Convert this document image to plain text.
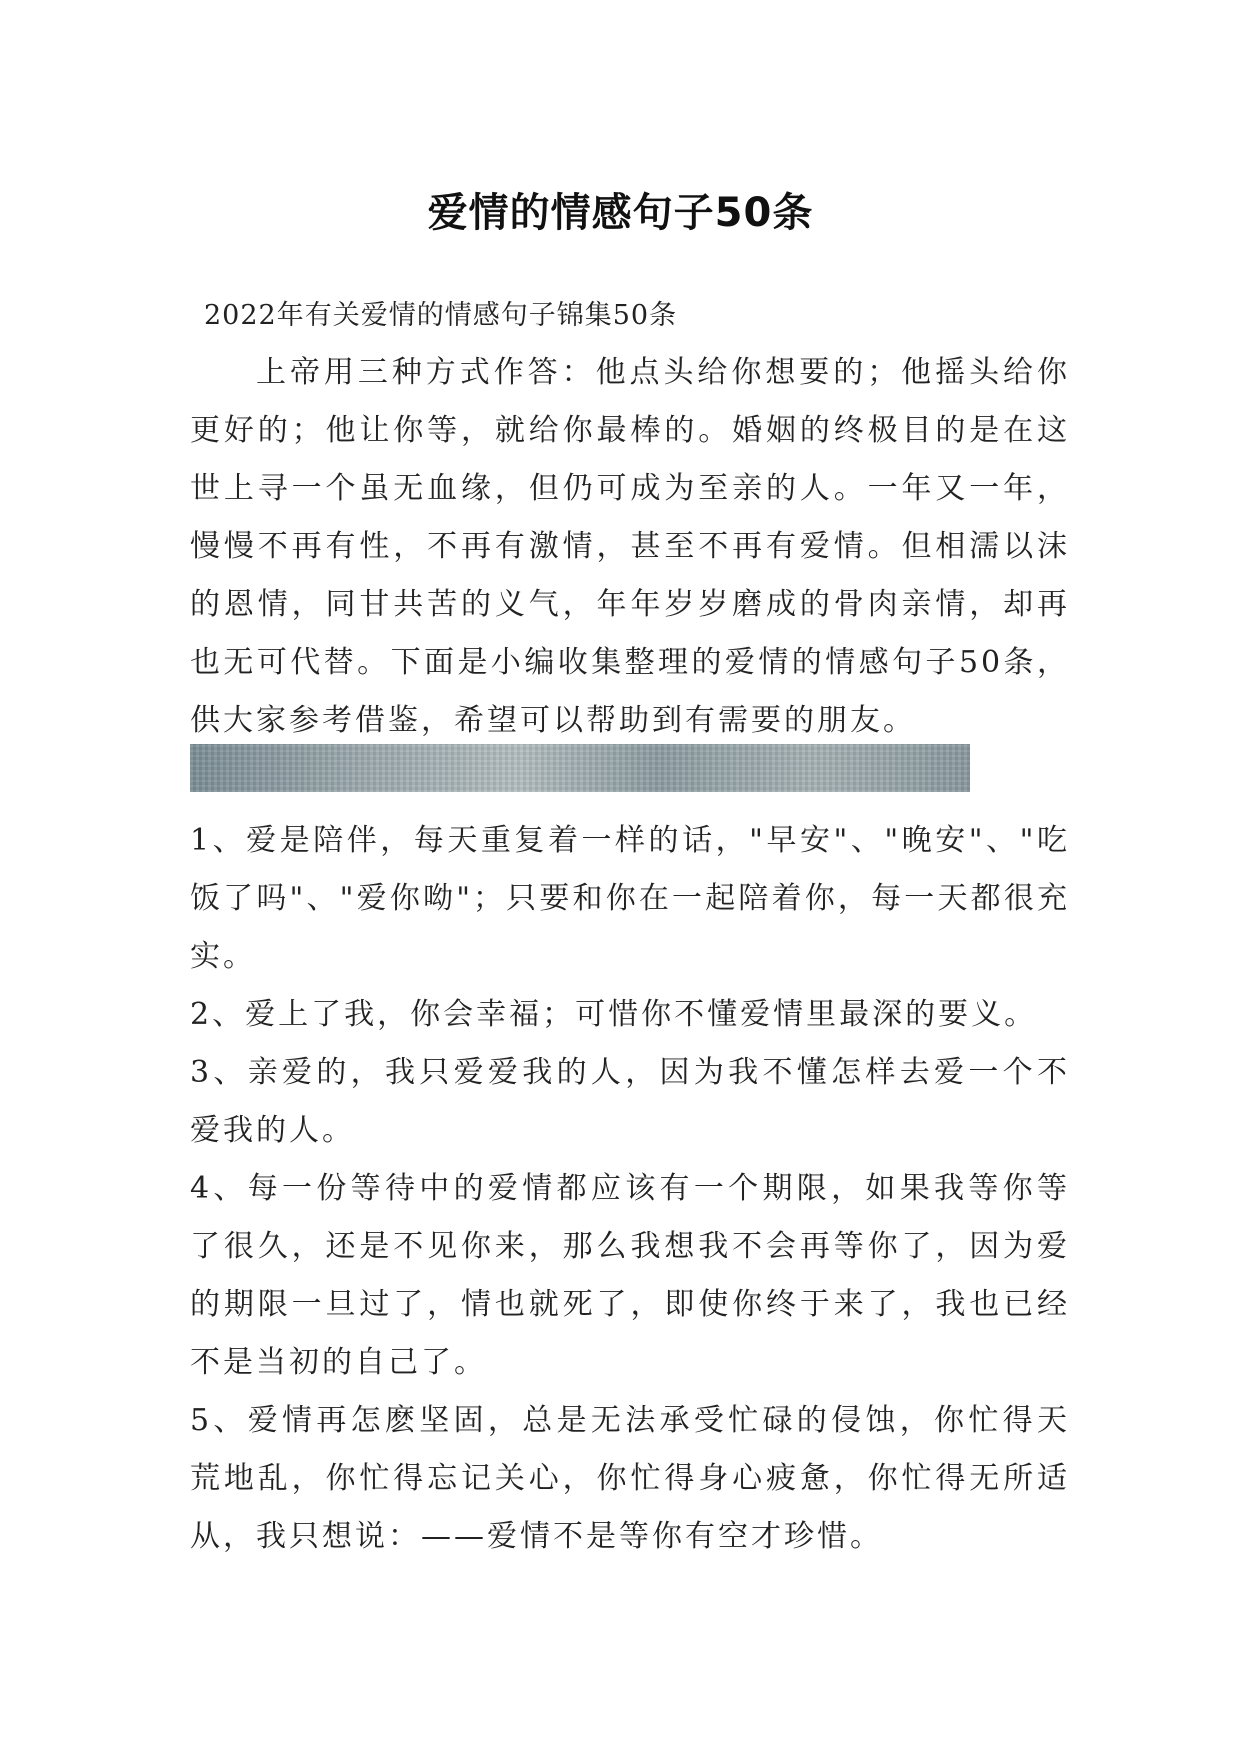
爱情的情感句子50条
2022年有关爱情的情感句子锦集50条

上帝用三种方式作答：他点头给你想要的；他摇头给你更好的；他让你等，就给你最棒的。婚姻的终极目的是在这世上寻一个虽无血缘，但仍可成为至亲的人。一年又一年，慢慢不再有性，不再有激情，甚至不再有爱情。但相濡以沫的恩情，同甘共苦的义气，年年岁岁磨成的骨肉亲情，却再也无可代替。下面是小编收集整理的爱情的情感句子50条，供大家参考借鉴，希望可以帮助到有需要的朋友。

1、爱是陪伴，每天重复着一样的话，"早安"、"晚安"、"吃饭了吗"、"爱你呦"；只要和你在一起陪着你，每一天都很充实。
2、爱上了我，你会幸福；可惜你不懂爱情里最深的要义。
3、亲爱的，我只爱爱我的人，因为我不懂怎样去爱一个不爱我的人。
4、每一份等待中的爱情都应该有一个期限，如果我等你等了很久，还是不见你来，那么我想我不会再等你了，因为爱的期限一旦过了，情也就死了，即使你终于来了，我也已经不是当初的自己了。
5、爱情再怎麽坚固，总是无法承受忙碌的侵蚀，你忙得天荒地乱，你忙得忘记关心，你忙得身心疲惫，你忙得无所适从，我只想说：——爱情不是等你有空才珍惜。
